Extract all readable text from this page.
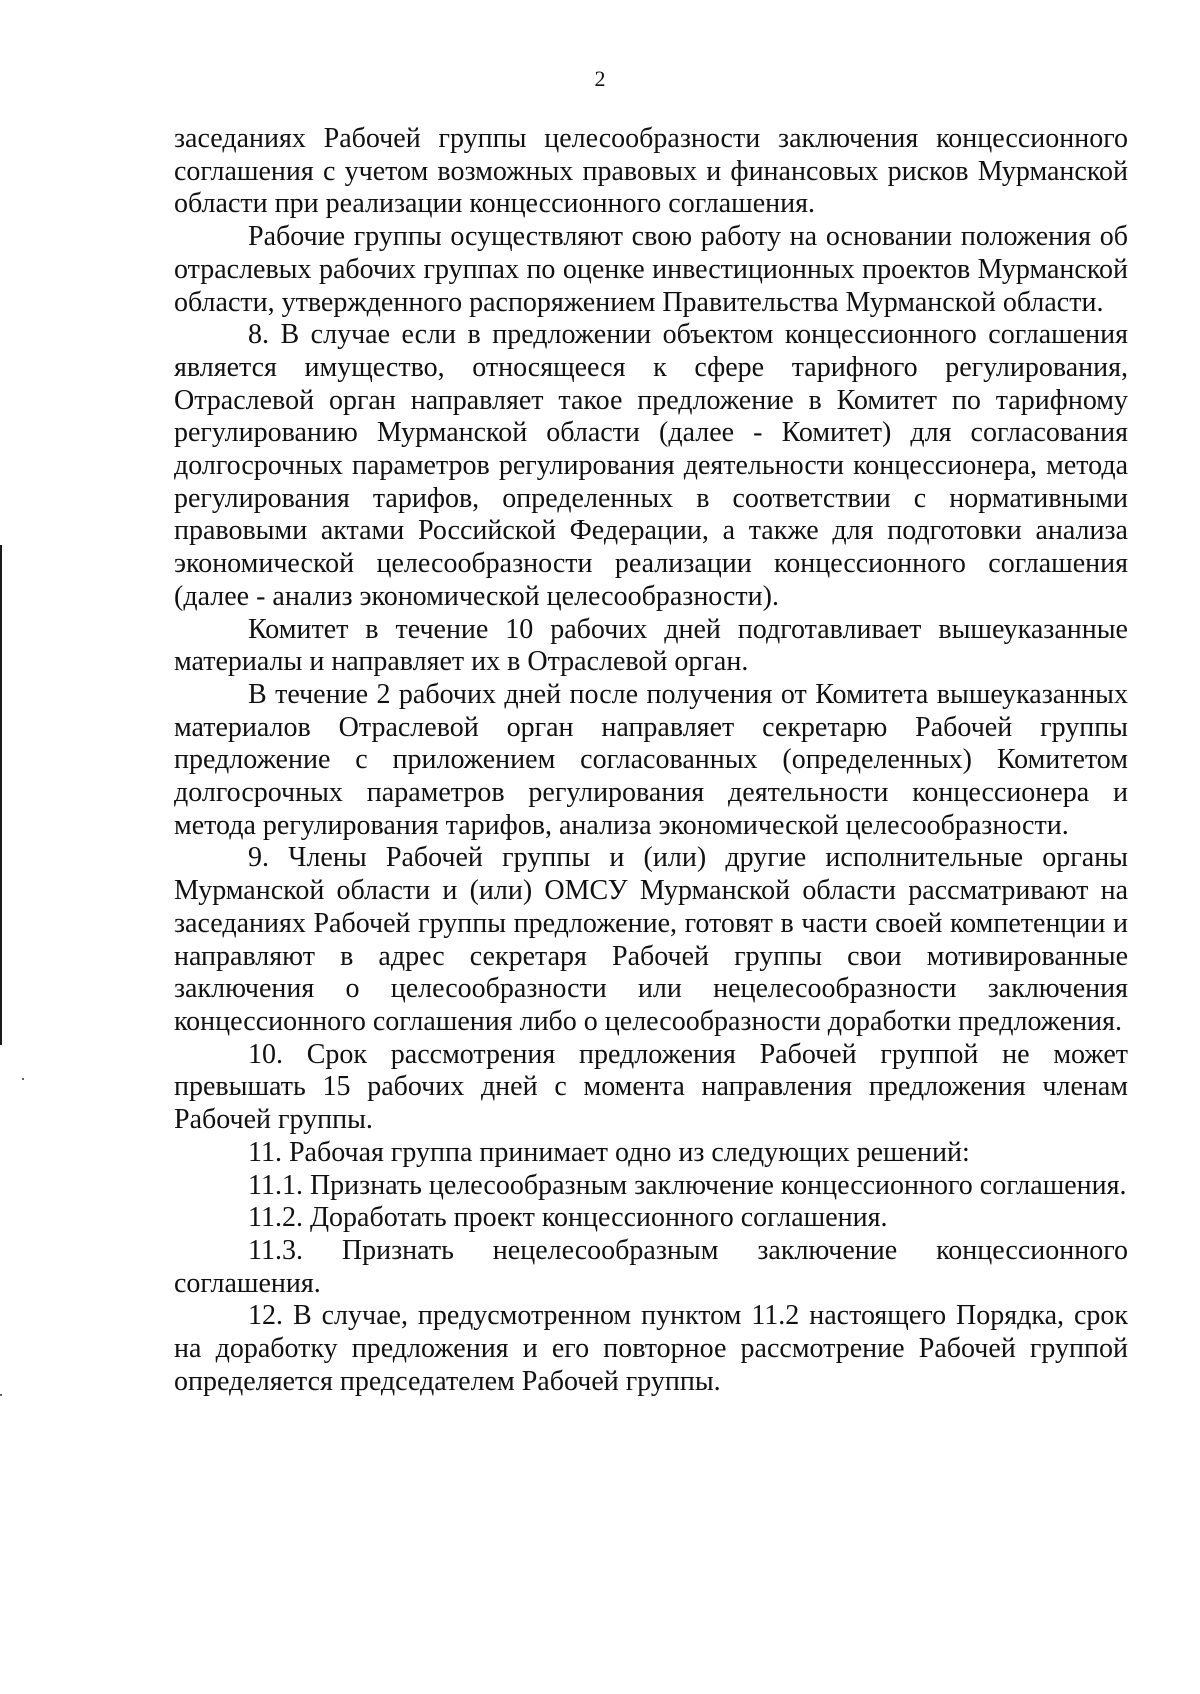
2

заседаниях Рабочей группы целесообразности заключения концессионного соглашения с учетом возможных правовых и финансовых рисков Мурманской области при реализации концессионного соглашения.

Рабочие группы осуществляют свою работу на основании положения об отраслевых рабочих группах по оценке инвестиционных проектов Мурманской области, утвержденного распоряжением Правительства Мурманской области.

8. В случае если в предложении объектом концессионного соглашения является имущество, относящееся к сфере тарифного регулирования, Отраслевой орган направляет такое предложение в Комитет по тарифному регулированию Мурманской области (далее - Комитет) для согласования долгосрочных параметров регулирования деятельности концессионера, метода регулирования тарифов, определенных в соответствии с нормативными правовыми актами Российской Федерации, а также для подготовки анализа экономической целесообразности реализации концессионного соглашения (далее - анализ экономической целесообразности).

Комитет в течение 10 рабочих дней подготавливает вышеуказанные материалы и направляет их в Отраслевой орган.

В течение 2 рабочих дней после получения от Комитета вышеуказанных материалов Отраслевой орган направляет секретарю Рабочей группы предложение с приложением согласованных (определенных) Комитетом долгосрочных параметров регулирования деятельности концессионера и метода регулирования тарифов, анализа экономической целесообразности.

9. Члены Рабочей группы и (или) другие исполнительные органы Мурманской области и (или) ОМСУ Мурманской области рассматривают на заседаниях Рабочей группы предложение, готовят в части своей компетенции и направляют в адрес секретаря Рабочей группы свои мотивированные заключения о целесообразности или нецелесообразности заключения концессионного соглашения либо о целесообразности доработки предложения.

10. Срок рассмотрения предложения Рабочей группой не может превышать 15 рабочих дней с момента направления предложения членам Рабочей группы.

11. Рабочая группа принимает одно из следующих решений:

11.1. Признать целесообразным заключение концессионного соглашения.

11.2. Доработать проект концессионного соглашения.

11.3. Признать нецелесообразным заключение концессионного соглашения.

12. В случае, предусмотренном пунктом 11.2 настоящего Порядка, срок на доработку предложения и его повторное рассмотрение Рабочей группой определяется председателем Рабочей группы.
